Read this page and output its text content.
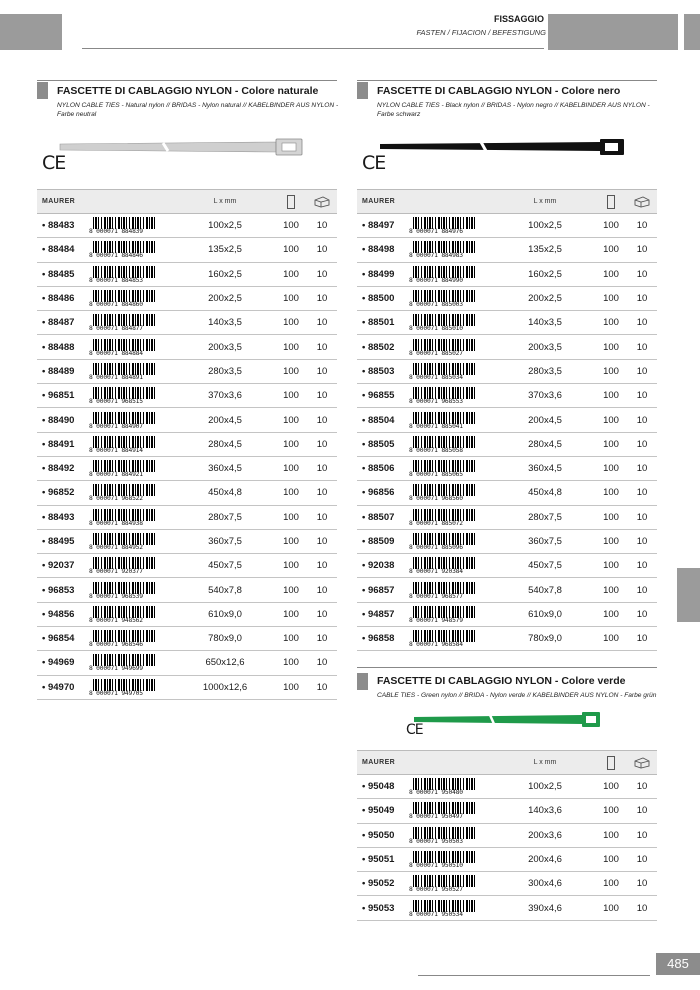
FISSAGGIO
FASTEN / FIJACION / BEFESTIGUNG
FASCETTE DI CABLAGGIO NYLON - Colore naturale
NYLON CABLE TIES - Natural nylon // BRIDAS - Nylon natural // KABELBINDER AUS NYLON - Farbe neutral
CE
MAURER		L x mm		
• 88483	8 000071 884839	100x2,5	100	10
• 88484	8 000071 884846	135x2,5	100	10
• 88485	8 000071 884853	160x2,5	100	10
• 88486	8 000071 884860	200x2,5	100	10
• 88487	8 000071 884877	140x3,5	100	10
• 88488	8 000071 884884	200x3,5	100	10
• 88489	8 000071 884891	280x3,5	100	10
• 96851	8 000071 968515	370x3,6	100	10
• 88490	8 000071 884907	200x4,5	100	10
• 88491	8 000071 884914	280x4,5	100	10
• 88492	8 000071 884921	360x4,5	100	10
• 96852	8 000071 968522	450x4,8	100	10
• 88493	8 000071 884938	280x7,5	100	10
• 88495	8 000071 884952	360x7,5	100	10
• 92037	8 000071 920377	450x7,5	100	10
• 96853	8 000071 968539	540x7,8	100	10
• 94856	8 000071 948562	610x9,0	100	10
• 96854	8 000071 968546	780x9,0	100	10
• 94969	8 000071 949699	650x12,6	100	10
• 94970	8 000071 949705	1000x12,6	100	10
FASCETTE DI CABLAGGIO NYLON - Colore nero
NYLON CABLE TIES - Black nylon // BRIDAS - Nylon negro // KABELBINDER AUS NYLON - Farbe schwarz
CE
MAURER		L x mm		
• 88497	8 000071 884976	100x2,5	100	10
• 88498	8 000071 884983	135x2,5	100	10
• 88499	8 000071 884990	160x2,5	100	10
• 88500	8 000071 885003	200x2,5	100	10
• 88501	8 000071 885010	140x3,5	100	10
• 88502	8 000071 885027	200x3,5	100	10
• 88503	8 000071 885034	280x3,5	100	10
• 96855	8 000071 968553	370x3,6	100	10
• 88504	8 000071 885041	200x4,5	100	10
• 88505	8 000071 885058	280x4,5	100	10
• 88506	8 000071 885065	360x4,5	100	10
• 96856	8 000071 968560	450x4,8	100	10
• 88507	8 000071 885072	280x7,5	100	10
• 88509	8 000071 885096	360x7,5	100	10
• 92038	8 000071 920384	450x7,5	100	10
• 96857	8 000071 968577	540x7,8	100	10
• 94857	8 000071 948579	610x9,0	100	10
• 96858	8 000071 968584	780x9,0	100	10
FASCETTE DI CABLAGGIO NYLON - Colore verde
CABLE TIES - Green nylon // BRIDA - Nylon verde // KABELBINDER AUS NYLON - Farbe grün
CE
MAURER		L x mm		
• 95048	8 000071 950480	100x2,5	100	10
• 95049	8 000071 950497	140x3,6	100	10
• 95050	8 000071 950503	200x3,6	100	10
• 95051	8 000071 950510	200x4,6	100	10
• 95052	8 000071 950527	300x4,6	100	10
• 95053	8 000071 950534	390x4,6	100	10
485
